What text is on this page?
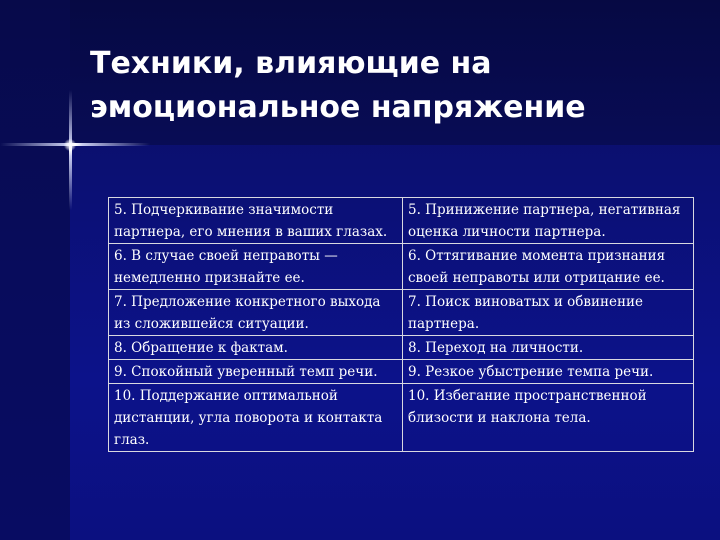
Техники, влияющие на
эмоциональное напряжение
5. Подчеркивание значимости партнера, его мнения в ваших глазах.	5. Принижение партнера, негативная оценка личности партнера.
6. В случае своей неправоты — немедленно признайте ее.	6. Оттягивание момента признания своей неправоты или отрицание ее.
7. Предложение конкретного выхода из сложившейся ситуации.	7. Поиск виноватых и обвинение партнера.
8. Обращение к фактам.	8. Переход на личности.
9. Спокойный уверенный темп речи.	9. Резкое убыстрение темпа речи.
10. Поддержание оптимальной дистанции, угла поворота и контакта глаз.	10. Избегание пространственной близости и наклона тела.
